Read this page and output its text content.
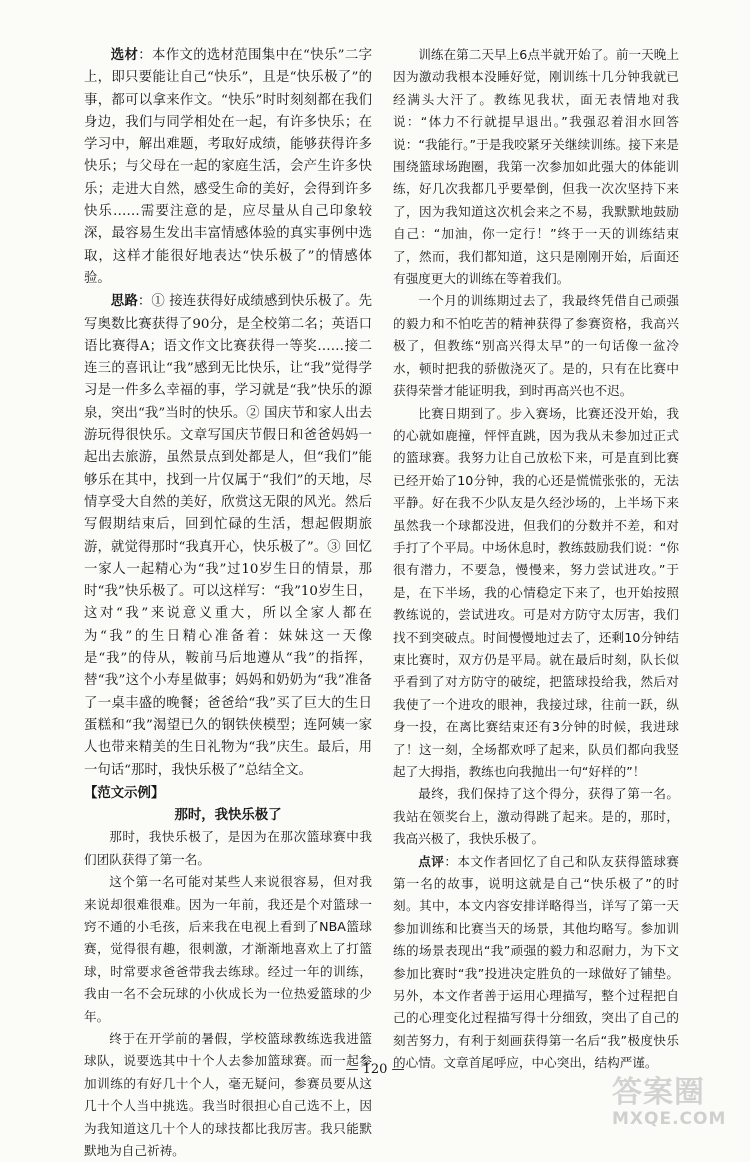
选材：本作文的选材范围集中在“快乐”二字上，即只要能让自己“快乐”，且是“快乐极了”的事，都可以拿来作文。“快乐”时时刻刻都在我们身边，我们与同学相处在一起，有许多快乐；在学习中，解出难题，考取好成绩，能够获得许多快乐；与父母在一起的家庭生活，会产生许多快乐；走进大自然，感受生命的美好，会得到许多快乐……需要注意的是，应尽量从自己印象较深，最容易生发出丰富情感体验的真实事例中选取，这样才能很好地表达“快乐极了”的情感体验。

思路：① 接连获得好成绩感到快乐极了。先写奥数比赛获得了90分，是全校第二名；英语口语比赛得A；语文作文比赛获得一等奖……接二连三的喜讯让“我”感到无比快乐，让“我”觉得学习是一件多么幸福的事，学习就是“我”快乐的源泉，突出“我”当时的快乐。② 国庆节和家人出去游玩得很快乐。文章写国庆节假日和爸爸妈妈一起出去旅游，虽然景点到处都是人，但“我们”能够乐在其中，找到一片仅属于“我们”的天地，尽情享受大自然的美好，欣赏这无限的风光。然后写假期结束后，回到忙碌的生活，想起假期旅游，就觉得那时“我真开心，快乐极了”。③ 回忆一家人一起精心为“我”过10岁生日的情景，那时“我”快乐极了。可以这样写：“我”10岁生日，这对“我”来说意义重大，所以全家人都在为“我”的生日精心准备着：妹妹这一天像是“我”的侍从，鞍前马后地遵从“我”的指挥，替“我”这个小寿星做事；妈妈和奶奶为“我”准备了一桌丰盛的晚餐；爸爸给“我”买了巨大的生日蛋糕和“我”渴望已久的钢铁侠模型；连阿姨一家人也带来精美的生日礼物为“我”庆生。最后，用一句话“那时，我快乐极了”总结全文。

【范文示例】

那时，我快乐极了

那时，我快乐极了，是因为在那次篮球赛中我们团队获得了第一名。

这个第一名可能对某些人来说很容易，但对我来说却很难很难。因为一年前，我还是个对篮球一窍不通的小毛孩，后来我在电视上看到了NBA篮球赛，觉得很有趣，很刺激，才渐渐地喜欢上了打篮球，时常要求爸爸带我去练球。经过一年的训练，我由一名不会玩球的小伙成长为一位热爱篮球的少年。

终于在开学前的暑假，学校篮球教练选我进篮球队，说要选其中十个人去参加篮球赛。而一起参加训练的有好几十个人，毫无疑问，参赛员要从这几十个人当中挑选。我当时很担心自己选不上，因为我知道这几十个人的球技都比我厉害。我只能默默地为自己祈祷。

训练在第二天早上6点半就开始了。前一天晚上因为激动我根本没睡好觉，刚训练十几分钟我就已经满头大汗了。教练见我状，面无表情地对我说：“体力不行就提早退出。”我强忍着泪水回答说：“我能行。”于是我咬紧牙关继续训练。接下来是围绕篮球场跑圈，我第一次参加如此强大的体能训练，好几次我都几乎要晕倒，但我一次次坚持下来了，因为我知道这次机会来之不易，我默默地鼓励自己：“加油，你一定行！”终于一天的训练结束了，然而，我们都知道，这只是刚刚开始，后面还有强度更大的训练在等着我们。

一个月的训练期过去了，我最终凭借自己顽强的毅力和不怕吃苦的精神获得了参赛资格，我高兴极了，但教练“别高兴得太早”的一句话像一盆冷水，顿时把我的骄傲浇灭了。是的，只有在比赛中获得荣誉才能证明我，到时再高兴也不迟。

比赛日期到了。步入赛场，比赛还没开始，我的心就如鹿撞，怦怦直跳，因为我从未参加过正式的篮球赛。我努力让自己放松下来，可是直到比赛已经开始了10分钟，我的心还是慌慌张张的，无法平静。好在我不少队友是久经沙场的，上半场下来虽然我一个球都没进，但我们的分数并不差，和对手打了个平局。中场休息时，教练鼓励我们说：“你很有潜力，不要急，慢慢来，努力尝试进攻。”于是，在下半场，我的心情稳定下来了，也开始按照教练说的，尝试进攻。可是对方防守太厉害，我们找不到突破点。时间慢慢地过去了，还剩10分钟结束比赛时，双方仍是平局。就在最后时刻，队长似乎看到了对方防守的破绽，把篮球投给我，然后对我使了一个进攻的眼神，我接过球，往前一跃，纵身一投，在离比赛结束还有3分钟的时候，我进球了！这一刻，全场都欢呼了起来，队员们都向我竖起了大拇指，教练也向我抛出一句“好样的”！

最终，我们保持了这个得分，获得了第一名。我站在领奖台上，激动得跳了起来。是的，那时，我高兴极了，我快乐极了。

点评：本文作者回忆了自己和队友获得篮球赛第一名的故事，说明这就是自己“快乐极了”的时刻。其中，本文内容安排详略得当，详写了第一天参加训练和比赛当天的场景，其他均略写。参加训练的场景表现出“我”顽强的毅力和忍耐力，为下文参加比赛时“我”投进决定胜负的一球做好了铺垫。另外，本文作者善于运用心理描写，整个过程把自己的心理变化过程描写得十分细致，突出了自己的刻苦努力，有利于刻画获得第一名后“我”极度快乐的心情。文章首尾呼应，中心突出，结构严谨。

— 120 —
答案圈
MXQE.COM
